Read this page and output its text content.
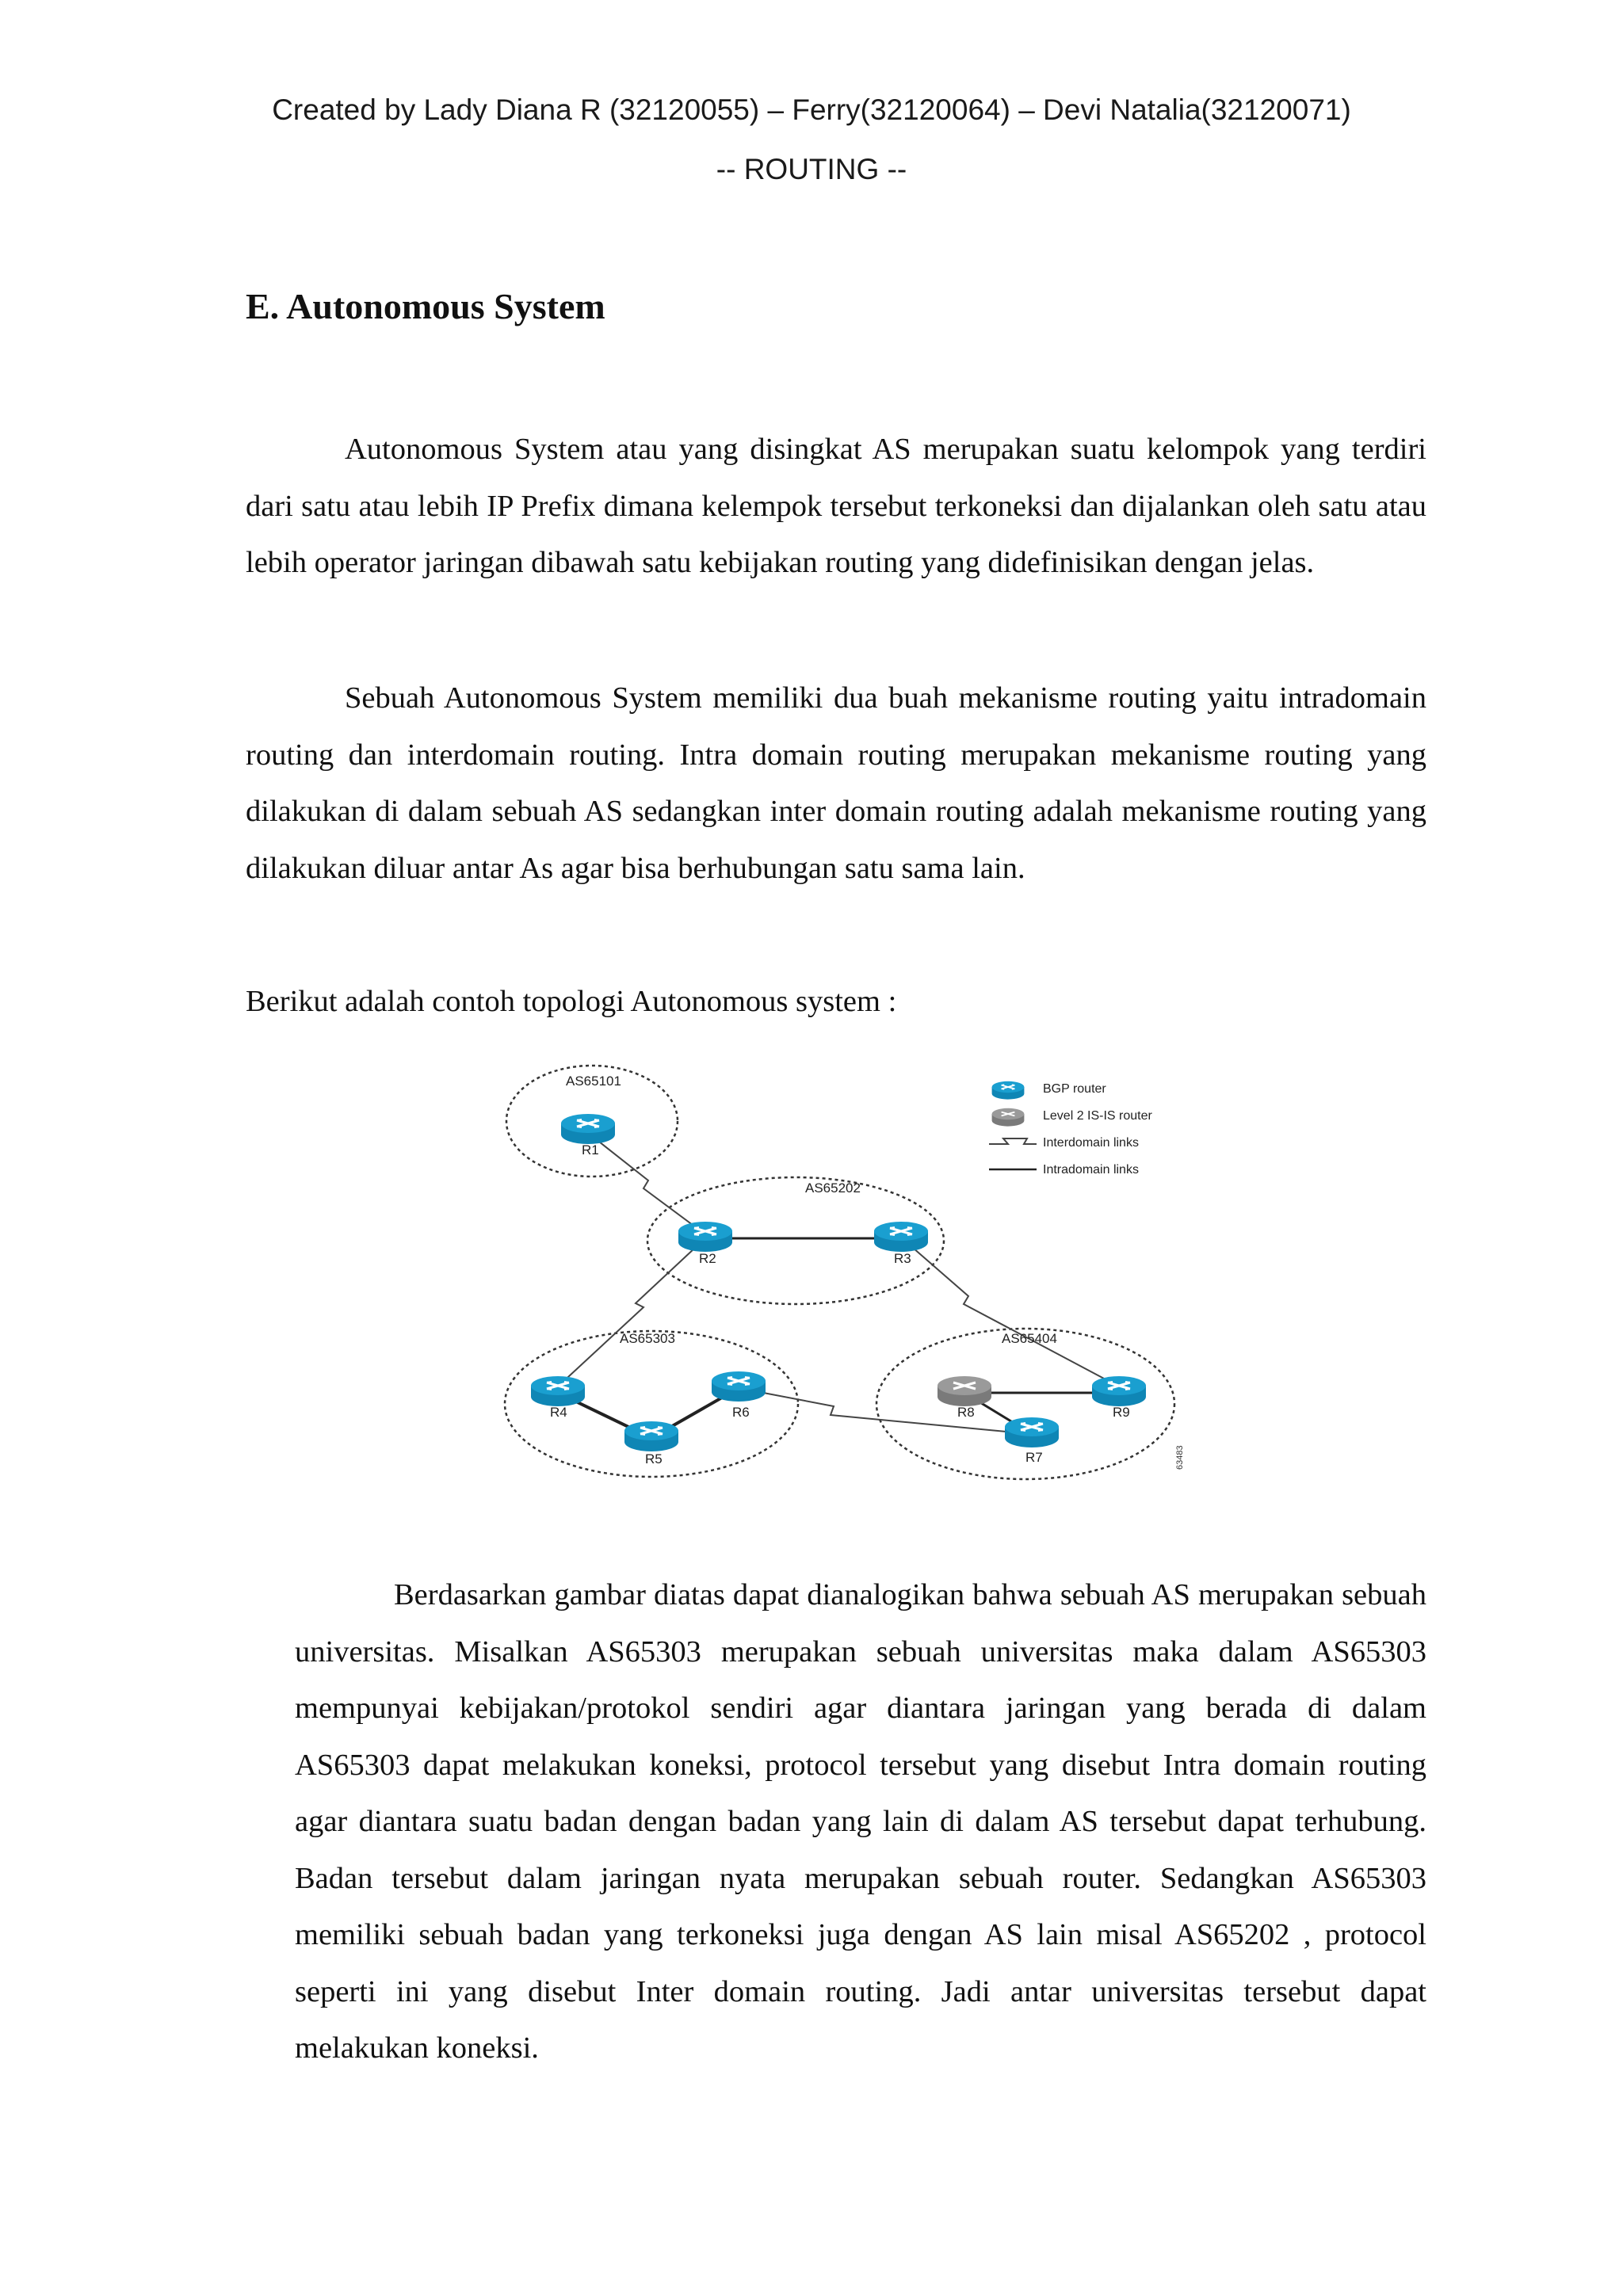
Created by Lady Diana R (32120055) – Ferry(32120064) – Devi Natalia(32120071)
-- ROUTING --
E. Autonomous System

Autonomous System atau yang disingkat AS merupakan suatu kelompok yang terdiri dari satu atau lebih IP Prefix dimana kelempok tersebut terkoneksi dan dijalankan oleh satu atau lebih operator jaringan dibawah satu kebijakan routing yang didefinisikan dengan jelas.

Sebuah Autonomous System memiliki dua buah mekanisme routing yaitu intradomain routing dan interdomain routing. Intra domain routing merupakan mekanisme routing yang dilakukan di dalam sebuah AS sedangkan inter domain routing adalah mekanisme routing yang dilakukan diluar antar As agar bisa berhubungan satu sama lain.

Berikut adalah contoh topologi Autonomous system :

R1
R2	R3
R4
R5
R6
R7
R8	R9
AS65101
AS65202
AS65303	AS65404
BGP router
Level 2 IS-IS router
Interdomain links
Intradomain links
63483

Berdasarkan gambar diatas dapat dianalogikan bahwa sebuah AS merupakan sebuah universitas. Misalkan AS65303 merupakan sebuah universitas maka dalam AS65303 mempunyai kebijakan/protokol sendiri agar diantara jaringan yang berada di dalam AS65303 dapat melakukan koneksi, protocol tersebut yang disebut Intra domain routing agar diantara suatu badan dengan badan yang lain di dalam AS tersebut dapat terhubung. Badan tersebut dalam jaringan nyata merupakan sebuah router. Sedangkan AS65303 memiliki sebuah badan yang terkoneksi juga dengan AS lain misal AS65202 , protocol seperti ini yang disebut Inter domain routing. Jadi antar universitas tersebut dapat melakukan koneksi.
